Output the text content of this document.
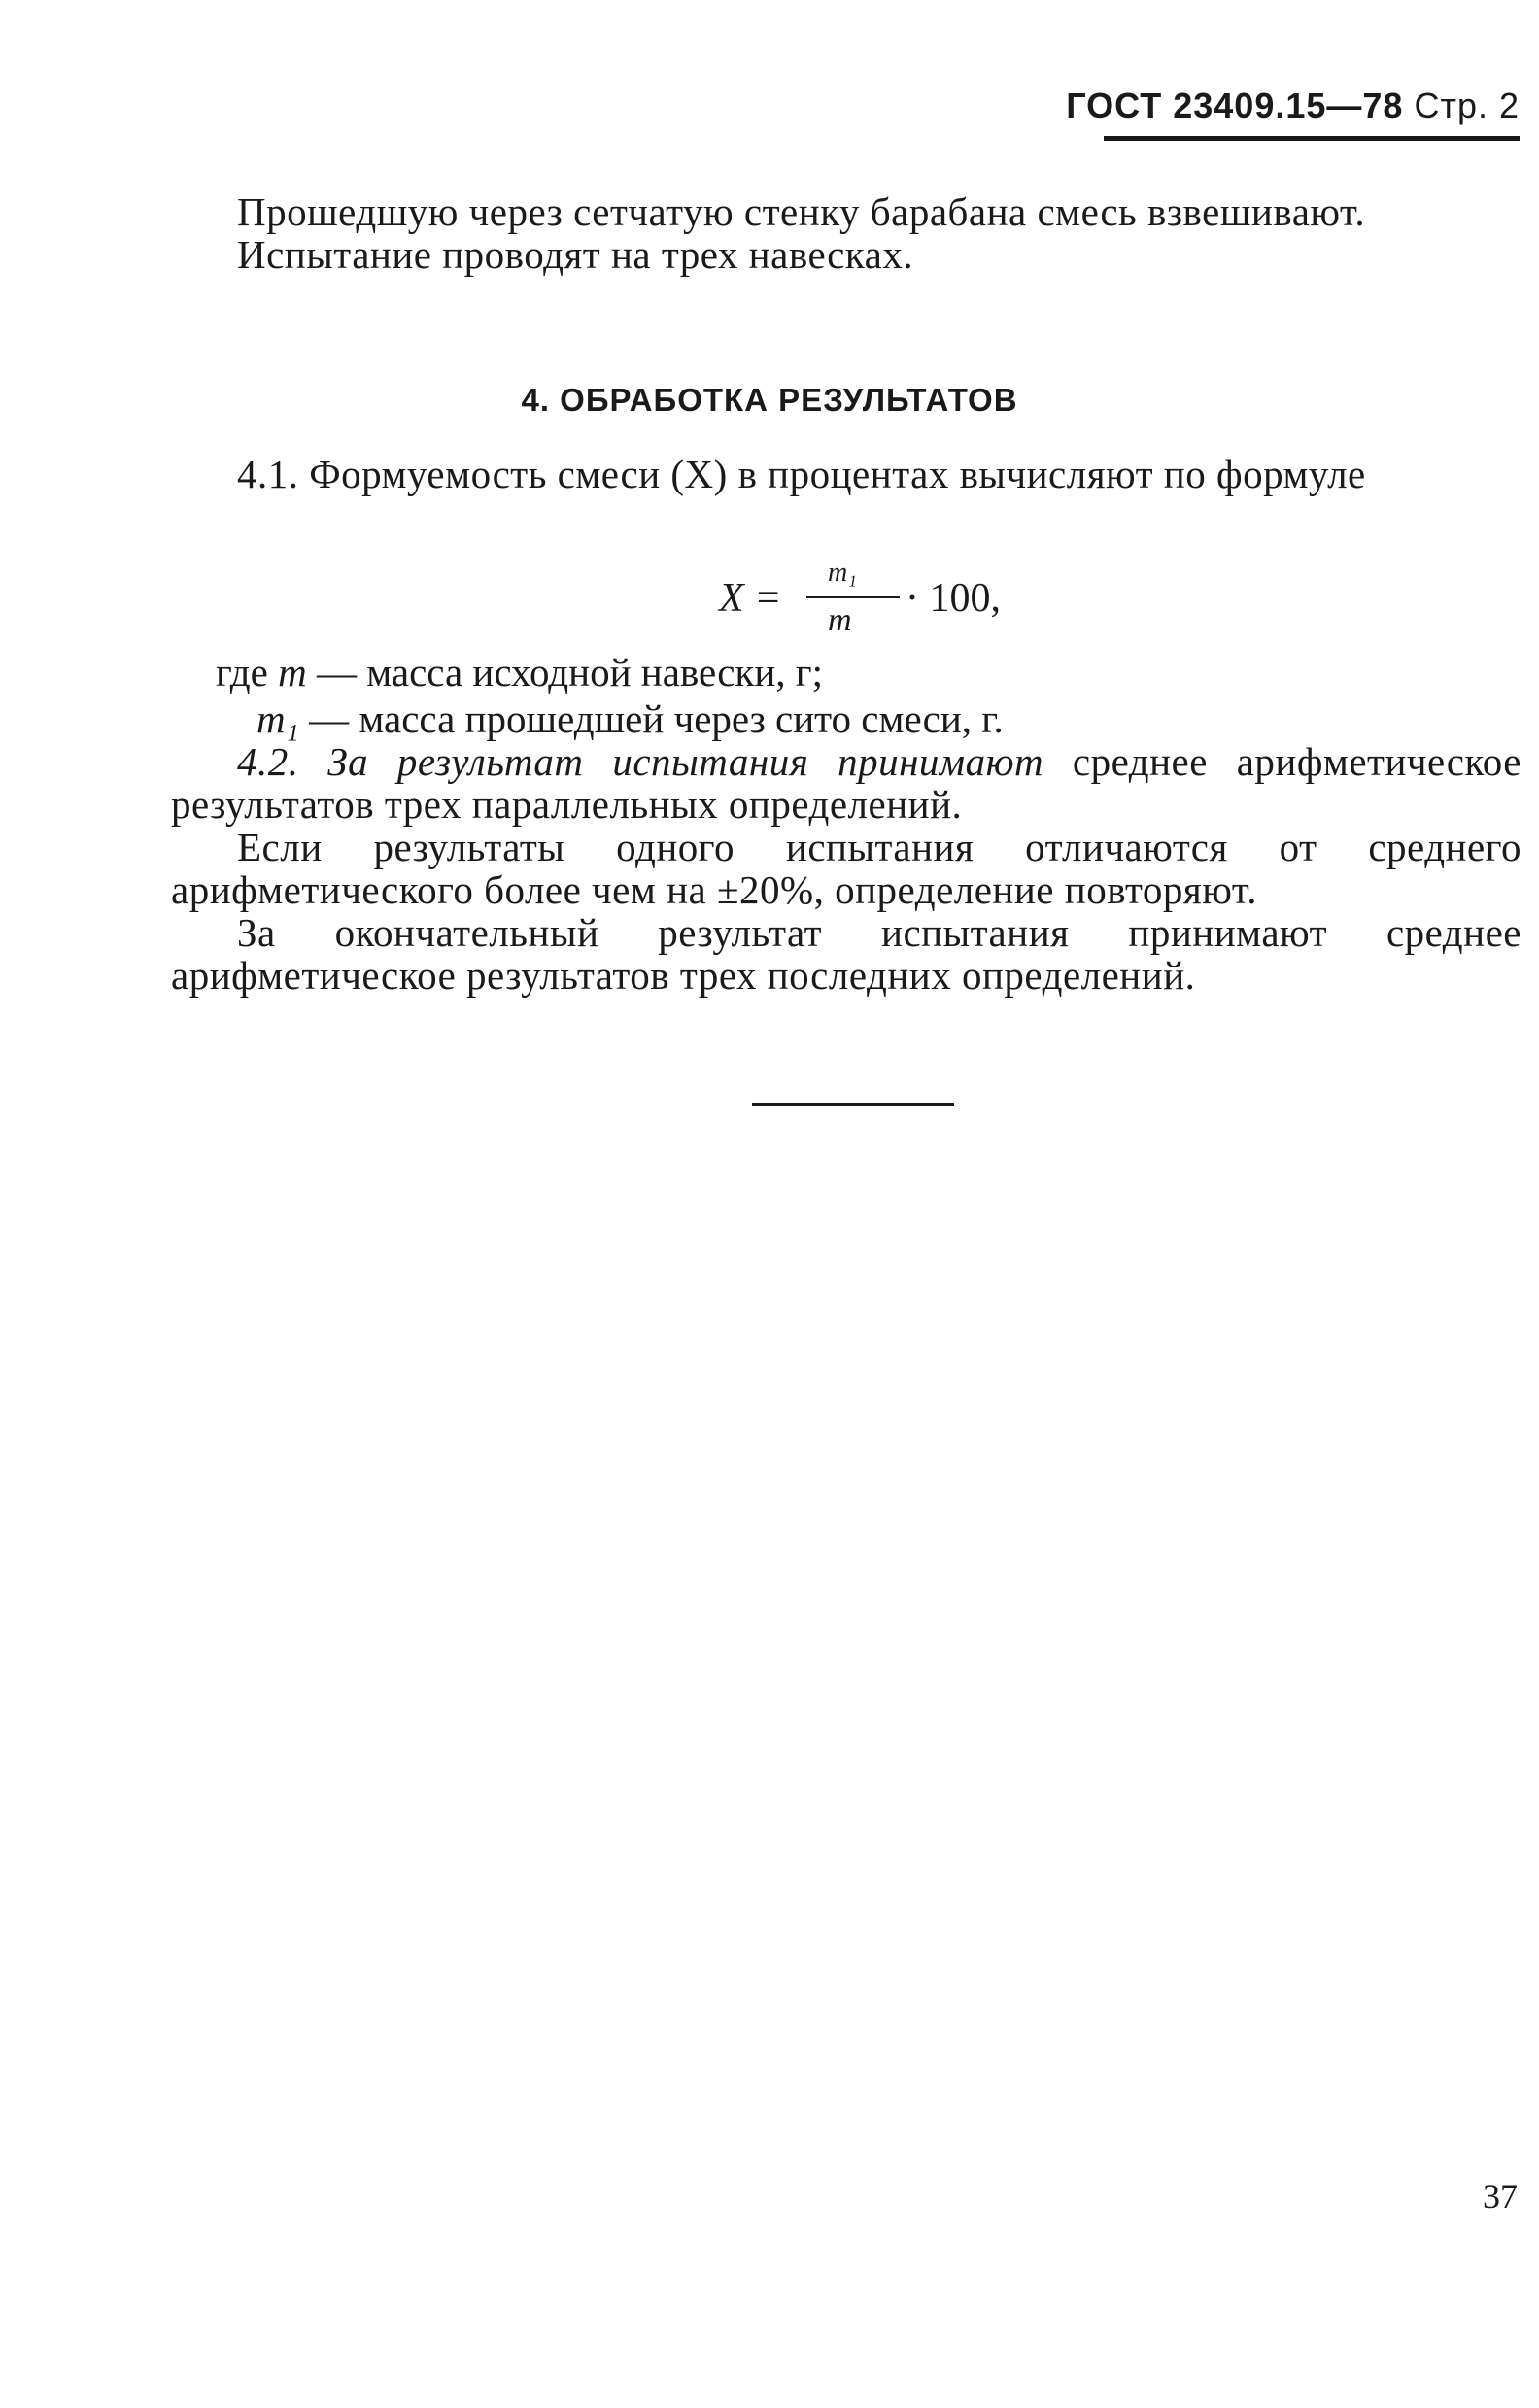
ГОСТ 23409.15—78 Стр. 2

Прошедшую через сетчатую стенку барабана смесь взвешивают.

Испытание проводят на трех навесках.

4. ОБРАБОТКА РЕЗУЛЬТАТОВ

4.1. Формуемость смеси (X) в процентах вычисляют по формуле

X =
m₁
m · 100,
где m — масса исходной навески, г;
m₁ — масса прошедшей через сито смеси, г.

4.2. За результат испытания принимают среднее арифметическое результатов трех параллельных определений.

Если результаты одного испытания отличаются от среднего арифметического более чем на ±20%, определение повторяют.

За окончательный результат испытания принимают среднее арифметическое результатов трех последних определений.

37
